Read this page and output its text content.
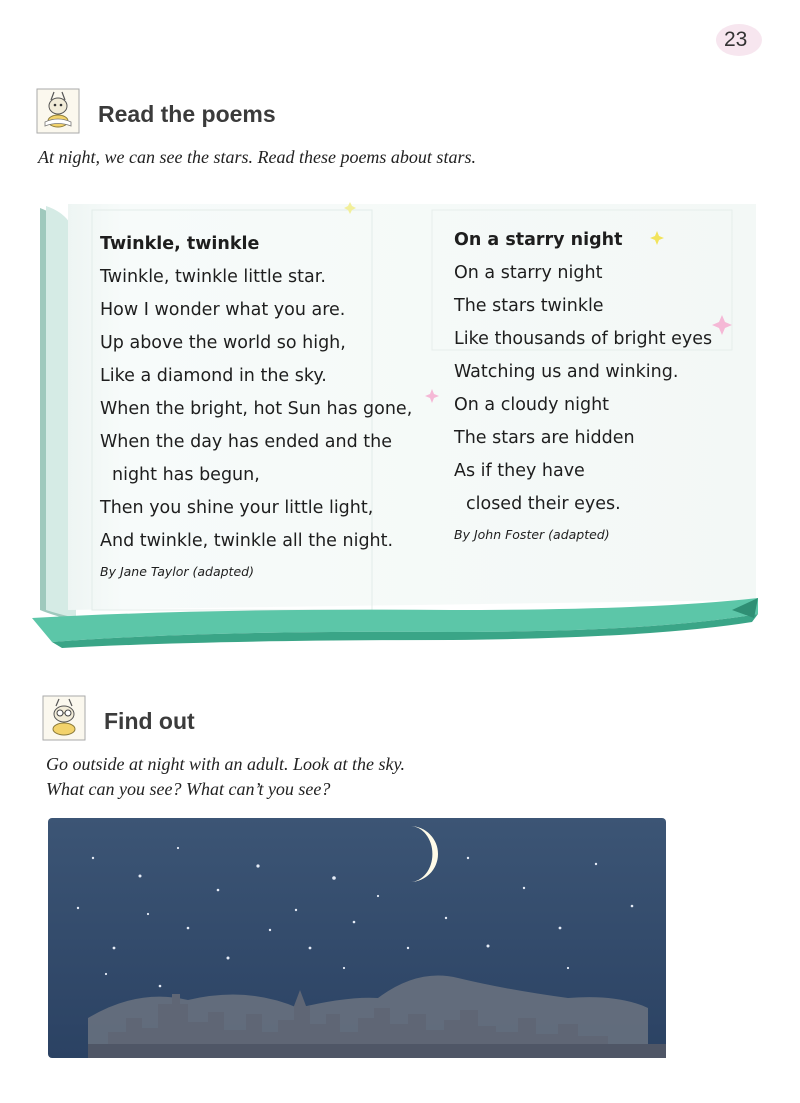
23
Read the poems
At night, we can see the stars. Read these poems about stars.
Twinkle, twinkle
Twinkle, twinkle little star.
How I wonder what you are.
Up above the world so high,
Like a diamond in the sky.
When the bright, hot Sun has gone,
When the day has ended and the
night has begun,
Then you shine your little light,
And twinkle, twinkle all the night.
By Jane Taylor (adapted)
On a starry night
On a starry night
The stars twinkle
Like thousands of bright eyes
Watching us and winking.
On a cloudy night
The stars are hidden
As if they have
closed their eyes.
By John Foster (adapted)
Find out
Go outside at night with an adult. Look at the sky.
What can you see? What can’t you see?
